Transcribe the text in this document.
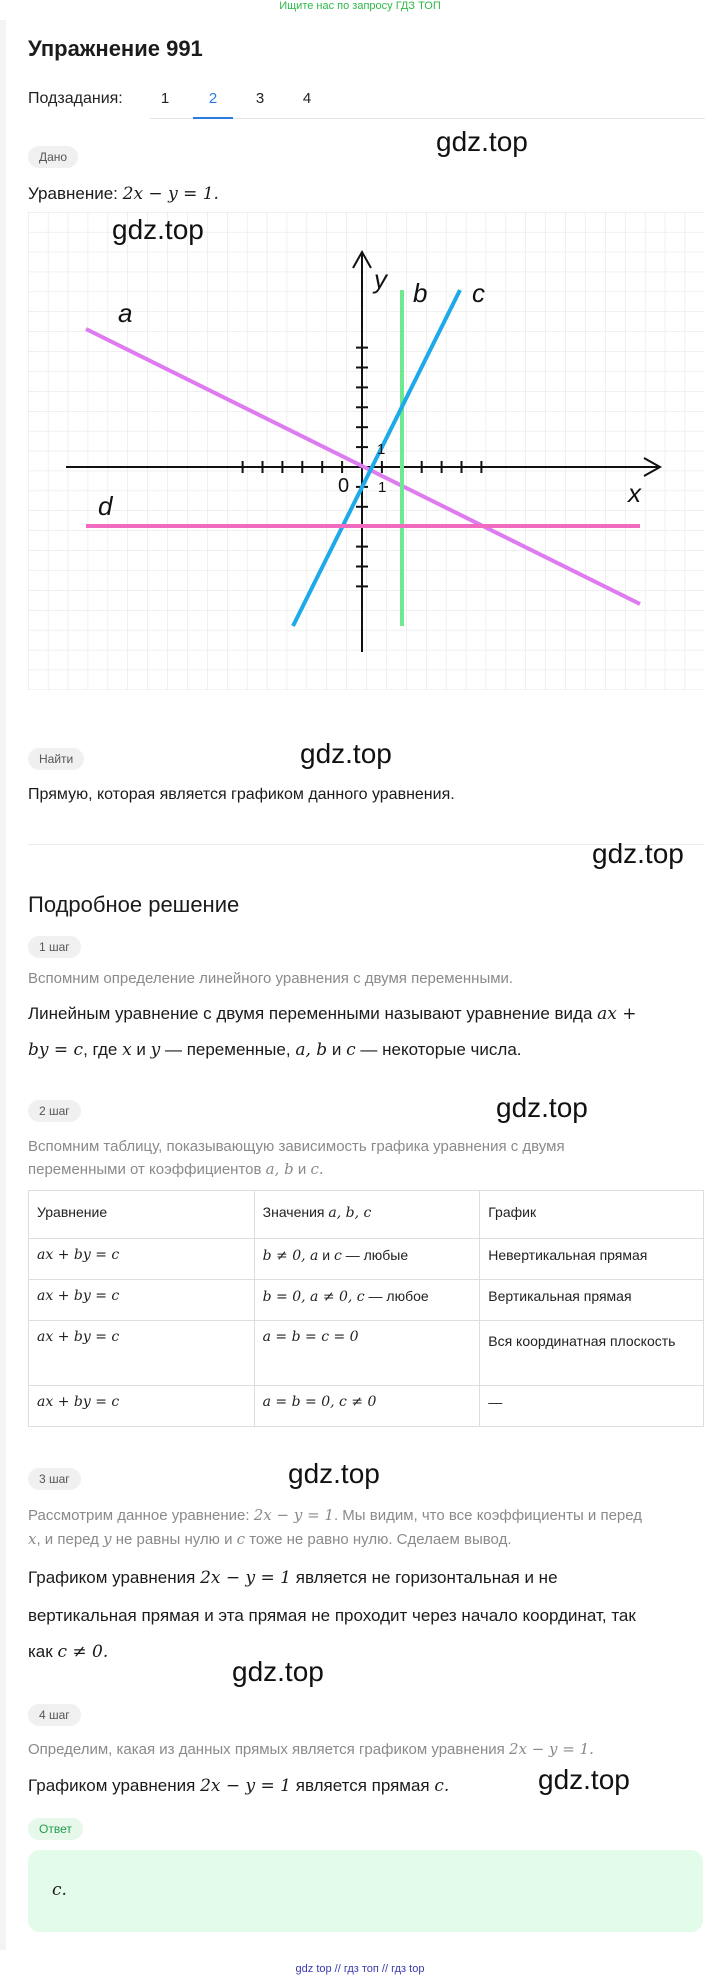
Ищите нас по запросу ГДЗ ТОП
Упражнение 991
Подзадания:	1	2	3	4
gdz.top
Дано
Уравнение: 2x − y = 1.
a
b c
d	x
y
0 1
1
gdz.top
Найти	gdz.top
Прямую, которая является графиком данного уравнения.
gdz.top
Подробное решение
1 шаг
Вспомним определение линейного уравнения с двумя переменными.
Линейным уравнение с двумя переменными называют уравнение вида ax +
by = c, где x и y — переменные, a, b и c — некоторые числа.
2 шаг	gdz.top
Вспомним таблицу, показывающую зависимость графика уравнения с двумя
переменными от коэффициентов a, b и c.
Уравнение	Значения a, b, c	График
ax + by = c	b ≠ 0, a и c — любые	Невертикальная прямая
ax + by = c	b = 0, a ≠ 0, c — любое	Вертикальная прямая
ax + by = c	a = b = c = 0	Вся координатная плоскость
ax + by = c	a = b = 0, c ≠ 0	—
3 шаг	gdz.top
Рассмотрим данное уравнение: 2x − y = 1. Мы видим, что все коэффициенты и перед
x, и перед y не равны нулю и c тоже не равно нулю. Сделаем вывод.
Графиком уравнения 2x − y = 1 является не горизонтальная и не
вертикальная прямая и эта прямая не проходит через начало координат, так
как c ≠ 0.
gdz.top
4 шаг
Определим, какая из данных прямых является графиком уравнения 2x − y = 1.
Графиком уравнения 2x − y = 1 является прямая c.	gdz.top
Ответ
c.
gdz top // гдз топ // гдз top
